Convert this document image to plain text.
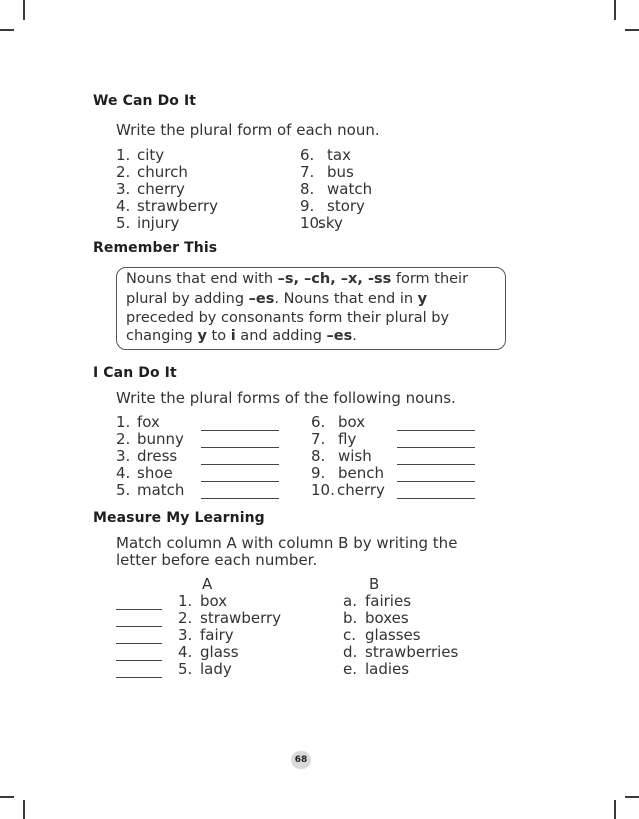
We Can Do It
Write the plural form of each noun.
1. city
2. church
3. cherry
4. strawberry
5. injury
6. tax
7. bus
8. watch
9. story
10.sky
Remember This
Nouns that end with –s, –ch, –x, -ss form their
plural by adding –es. Nouns that end in y
preceded by consonants form their plural by
changing y to i and adding –es.
I Can Do It
Write the plural forms of the following nouns.
1. fox
2. bunny
3. dress
4. shoe
5. match
6. box
7. fly
8. wish
9. bench
10. cherry
Measure My Learning
Match column A with column B by writing the
letter before each number.
A	B
1. box
2. strawberry
3. fairy
4. glass
5. lady
a. fairies
b. boxes
c. glasses
d. strawberries
e. ladies
68
